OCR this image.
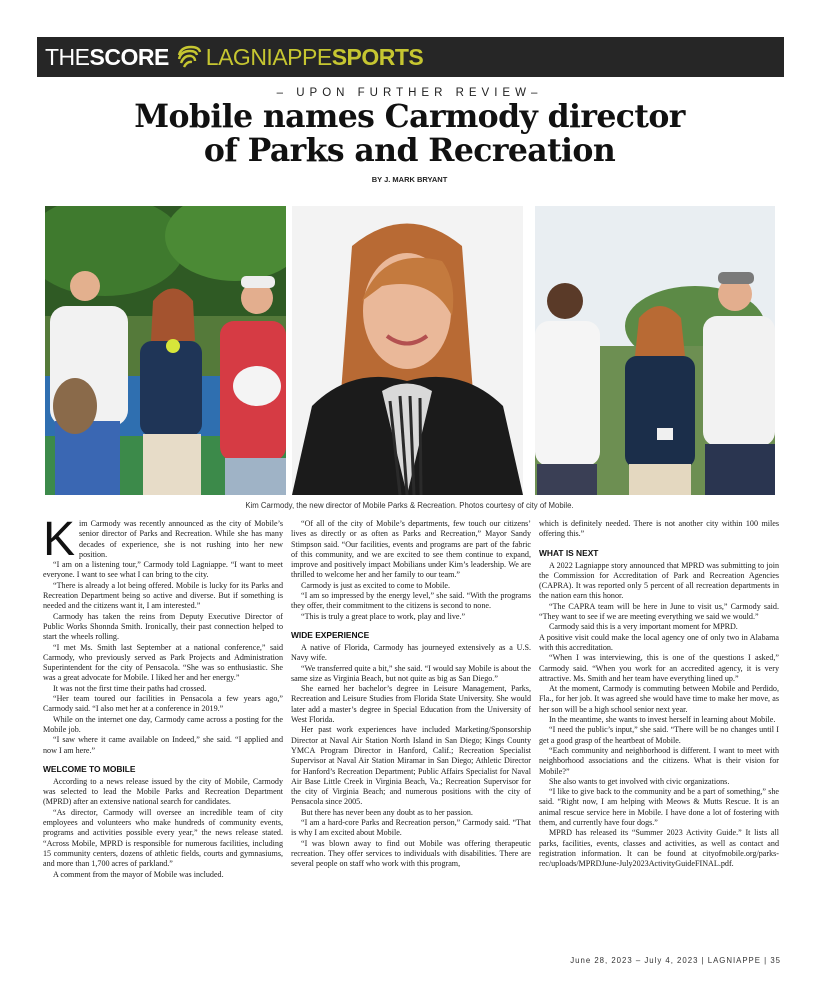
THE SCORE LAGNIAPPE SPORTS
– UPON FURTHER REVIEW–
Mobile names Carmody director
of Parks and Recreation
BY J. MARK BRYANT
Kim Carmody, the new director of Mobile Parks & Recreation. Photos courtesy of city of Mobile.
K im Carmody was recently announced as the city of Mobile’s senior director of Parks and Recreation. While she has many decades of experience, she is not rushing into her new position.

“I am on a listening tour,” Carmody told Lagniappe. “I want to meet everyone. I want to see what I can bring to the city.

“There is already a lot being offered. Mobile is lucky for its Parks and Recreation Department being so active and diverse. But if something is needed and the citizens want it, I am interested.”

Carmody has taken the reins from Deputy Executive Director of Public Works Shonnda Smith. Ironically, their past connection helped to start the wheels rolling.

“I met Ms. Smith last September at a national conference,” said Carmody, who previously served as Park Projects and Administration Superintendent for the city of Pensacola. “She was so enthusiastic. She was a great advocate for Mobile. I liked her and her energy.”

It was not the first time their paths had crossed.

“Her team toured our facilities in Pensacola a few years ago,” Carmody said. “I also met her at a conference in 2019.”

While on the internet one day, Carmody came across a posting for the Mobile job.

“I saw where it came available on Indeed,” she said. “I applied and now I am here.”

WELCOME TO MOBILE

According to a news release issued by the city of Mobile, Carmody was selected to lead the Mobile Parks and Recreation Department (MPRD) after an extensive national search for candidates.

“As director, Carmody will oversee an incredible team of city employees and volunteers who make hundreds of community events, programs and activities possible every year,” the news release stated. “Across Mobile, MPRD is responsible for numerous facilities, including 15 community centers, dozens of athletic fields, courts and gymnasiums, and more than 1,700 acres of parkland.”

A comment from the mayor of Mobile was included.

“Of all of the city of Mobile’s departments, few touch our citizens’ lives as directly or as often as Parks and Recreation,” Mayor Sandy Stimpson said. “Our facilities, events and programs are part of the fabric of this community, and we are excited to see them continue to expand, improve and positively impact Mobilians under Kim’s leadership. We are thrilled to welcome her and her family to our team.”

Carmody is just as excited to come to Mobile.

“I am so impressed by the energy level,” she said. “With the programs they offer, their commitment to the citizens is second to none.

“This is truly a great place to work, play and live.”

WIDE EXPERIENCE

A native of Florida, Carmody has journeyed extensively as a U.S. Navy wife.

“We transferred quite a bit,” she said. “I would say Mobile is about the same size as Virginia Beach, but not quite as big as San Diego.”

She earned her bachelor’s degree in Leisure Management, Parks, Recreation and Leisure Studies from Florida State University. She would later add a master’s degree in Special Education from the University of West Florida.

Her past work experiences have included Marketing/Sponsorship Director at Naval Air Station North Island in San Diego; Kings County YMCA Program Director in Hanford, Calif.; Recreation Specialist Supervisor at Naval Air Station Miramar in San Diego; Athletic Director for Hanford’s Recreation Department; Public Affairs Specialist for Naval Air Base Little Creek in Virginia Beach, Va.; Recreation Supervisor for the city of Virginia Beach; and numerous positions with the city of Pensacola since 2005.

But there has never been any doubt as to her passion.

“I am a hard-core Parks and Recreation person,” Carmody said. “That is why I am excited about Mobile.

“I was blown away to find out Mobile was offering therapeutic recreation. They offer services to individuals with disabilities. There are several people on staff who work with this program,

which is definitely needed. There is not another city within 100 miles offering this.”

WHAT IS NEXT

A 2022 Lagniappe story announced that MPRD was submitting to join the Commission for Accreditation of Park and Recreation Agencies (CAPRA). It was reported only 5 percent of all recreation departments in the nation earn this honor.

“The CAPRA team will be here in June to visit us,” Carmody said. “They want to see if we are meeting everything we said we would.”

Carmody said this is a very important moment for MPRD.

A positive visit could make the local agency one of only two in Alabama with this accreditation.

“When I was interviewing, this is one of the questions I asked,” Carmody said. “When you work for an accredited agency, it is very attractive. Ms. Smith and her team have everything lined up.”

At the moment, Carmody is commuting between Mobile and Perdido, Fla., for her job. It was agreed she would have time to make her move, as her son will be a high school senior next year.

In the meantime, she wants to invest herself in learning about Mobile.

“I need the public’s input,” she said. “There will be no changes until I get a good grasp of the heartbeat of Mobile.

“Each community and neighborhood is different. I want to meet with neighborhood associations and the citizens. What is their vision for Mobile?”

She also wants to get involved with civic organizations.

“I like to give back to the community and be a part of something,” she said. “Right now, I am helping with Meows & Mutts Rescue. It is an animal rescue service here in Mobile. I have done a lot of fostering with them, and currently have four dogs.”

MPRD has released its “Summer 2023 Activity Guide.” It lists all parks, facilities, events, classes and activities, as well as contact and registration information. It can be found at cityofmobile.org/parks-rec/uploads/MPRDJune-July2023ActivityGuideFINAL.pdf.

June 28, 2023 – July 4, 2023 | LAGNIAPPE | 35
